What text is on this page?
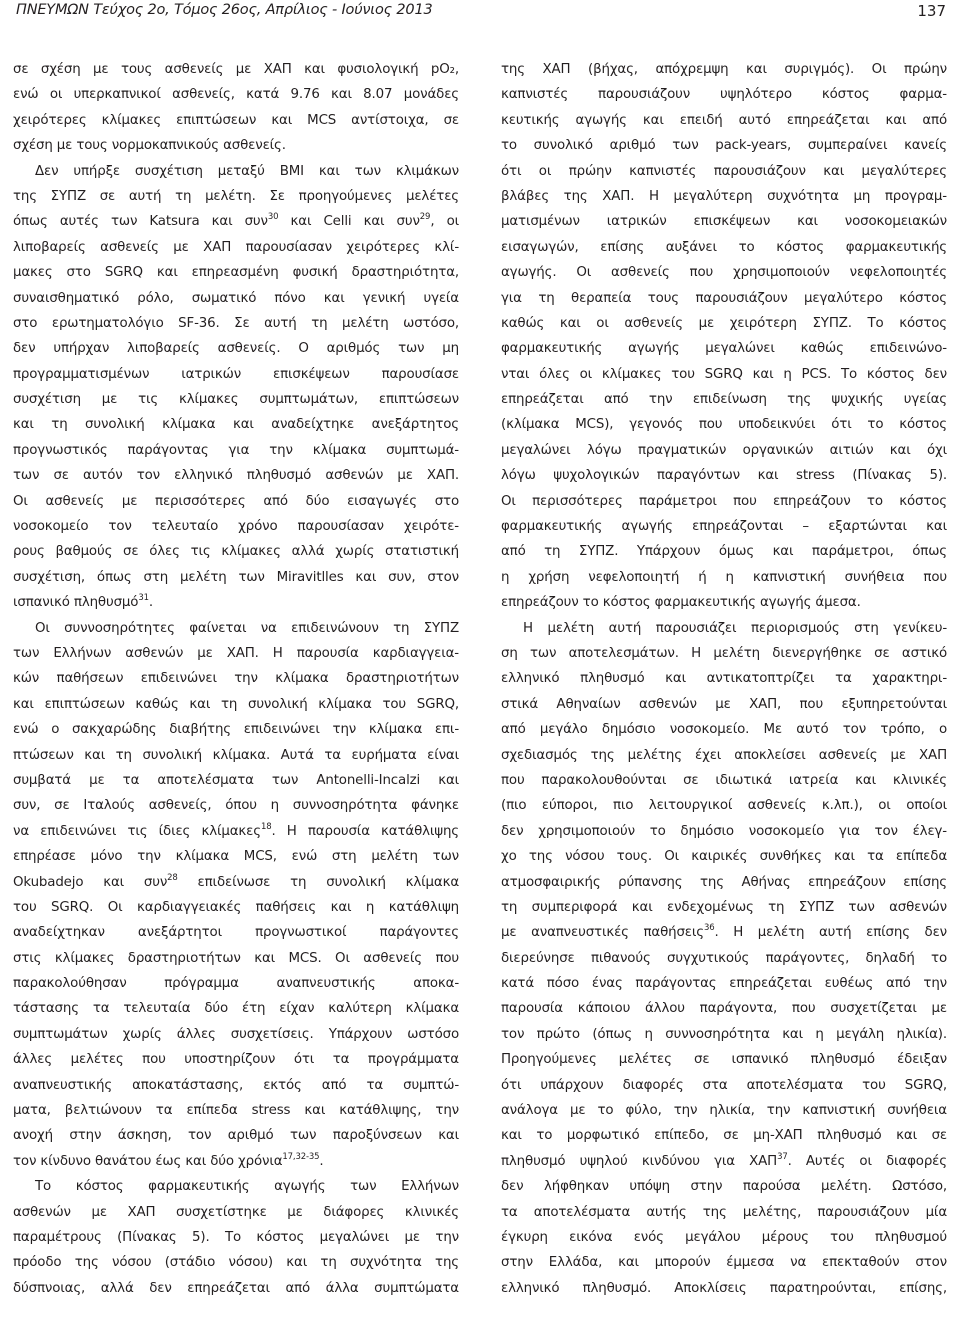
ΠΝΕΥΜΩΝ Τεύχος 2ο, Τόμος 26ος, Απρίλιος - Ιούνιος 2013	137
σε σχέση με τους ασθενείς με ΧΑΠ και φυσιολογική pO₂,
ενώ οι υπερκαπνικοί ασθενείς, κατά 9.76 και 8.07 μονάδες
χειρότερες κλίμακες επιπτώσεων και MCS αντίστοιχα, σε
σχέση με τους νορμοκαπνικούς ασθενείς.
Δεν υπήρξε συσχέτιση μεταξύ BMI και των κλιμάκων
της ΣΥΠΖ σε αυτή τη μελέτη. Σε προηγούμενες μελέτες
όπως αυτές των Katsura και συν$^{30}$ και Celli και συν$^{29}$, οι
λιποβαρείς ασθενείς με ΧΑΠ παρουσίασαν χειρότερες κλί-
μακες στο SGRQ και επηρεασμένη φυσική δραστηριότητα,
συναισθηματικό ρόλο, σωματικό πόνο και γενική υγεία
στο ερωτηματολόγιο SF-36. Σε αυτή τη μελέτη ωστόσο,
δεν υπήρχαν λιποβαρείς ασθενείς. Ο αριθμός των μη
προγραμματισμένων ιατρικών επισκέψεων παρουσίασε
συσχέτιση με τις κλίμακες συμπτωμάτων, επιπτώσεων
και τη συνολική κλίμακα και αναδείχτηκε ανεξάρτητος
προγνωστικός παράγοντας για την κλίμακα συμπτωμά-
των σε αυτόν τον ελληνικό πληθυσμό ασθενών με ΧΑΠ.
Οι ασθενείς με περισσότερες από δύο εισαγωγές στο
νοσοκομείο τον τελευταίο χρόνο παρουσίασαν χειρότε-
ρους βαθμούς σε όλες τις κλίμακες αλλά χωρίς στατιστική
συσχέτιση, όπως στη μελέτη των Miravitlles και συν, στον
ισπανικό πληθυσμό$^{31}$.
Οι συννοσηρότητες φαίνεται να επιδεινώνουν τη ΣΥΠΖ
των Ελλήνων ασθενών με ΧΑΠ. Η παρουσία καρδιαγγεια-
κών παθήσεων επιδεινώνει την κλίμακα δραστηριοτήτων
και επιπτώσεων καθώς και τη συνολική κλίμακα του SGRQ,
ενώ ο σακχαρώδης διαβήτης επιδεινώνει την κλίμακα επι-
πτώσεων και τη συνολική κλίμακα. Αυτά τα ευρήματα είναι
συμβατά με τα αποτελέσματα των Antonelli-Incalzi και
συν, σε Ιταλούς ασθενείς, όπου η συννοσηρότητα φάνηκε
να επιδεινώνει τις ίδιες κλίμακες$^{18}$. Η παρουσία κατάθλιψης
επηρέασε μόνο την κλίμακα MCS, ενώ στη μελέτη των
Okubadejo και συν$^{28}$ επιδείνωσε τη συνολική κλίμακα
του SGRQ. Οι καρδιαγγειακές παθήσεις και η κατάθλιψη
αναδείχτηκαν ανεξάρτητοι προγνωστικοί παράγοντες
στις κλίμακες δραστηριοτήτων και MCS. Οι ασθενείς που
παρακολούθησαν πρόγραμμα αναπνευστικής αποκα-
τάστασης τα τελευταία δύο έτη είχαν καλύτερη κλίμακα
συμπτωμάτων χωρίς άλλες συσχετίσεις. Υπάρχουν ωστόσο
άλλες μελέτες που υποστηρίζουν ότι τα προγράμματα
αναπνευστικής αποκατάστασης, εκτός από τα συμπτώ-
ματα, βελτιώνουν τα επίπεδα stress και κατάθλιψης, την
ανοχή στην άσκηση, τον αριθμό των παροξύνσεων και
τον κίνδυνο θανάτου έως και δύο χρόνια$^{17,32-35}$.
Το κόστος φαρμακευτικής αγωγής των Ελλήνων
ασθενών με ΧΑΠ συσχετίστηκε με διάφορες κλινικές
παραμέτρους (Πίνακας 5). Το κόστος μεγαλώνει με την
πρόοδο της νόσου (στάδιο νόσου) και τη συχνότητα της
δύσπνοιας, αλλά δεν επηρεάζεται από άλλα συμπτώματα
της ΧΑΠ (βήχας, απόχρεμψη και συριγμός). Οι πρώην
καπνιστές παρουσιάζουν υψηλότερο κόστος φαρμα-
κευτικής αγωγής και επειδή αυτό επηρεάζεται και από
το συνολικό αριθμό των pack-years, συμπεραίνει κανείς
ότι οι πρώην καπνιστές παρουσιάζουν και μεγαλύτερες
βλάβες της ΧΑΠ. Η μεγαλύτερη συχνότητα μη προγραμ-
ματισμένων ιατρικών επισκέψεων και νοσοκομειακών
εισαγωγών, επίσης αυξάνει το κόστος φαρμακευτικής
αγωγής. Οι ασθενείς που χρησιμοποιούν νεφελοποιητές
για τη θεραπεία τους παρουσιάζουν μεγαλύτερο κόστος
καθώς και οι ασθενείς με χειρότερη ΣΥΠΖ. Το κόστος
φαρμακευτικής αγωγής μεγαλώνει καθώς επιδεινώνο-
νται όλες οι κλίμακες του SGRQ και η PCS. Το κόστος δεν
επηρεάζεται από την επιδείνωση της ψυχικής υγείας
(κλίμακα MCS), γεγονός που υποδεικνύει ότι το κόστος
μεγαλώνει λόγω πραγματικών οργανικών αιτιών και όχι
λόγω ψυχολογικών παραγόντων και stress (Πίνακας 5).
Οι περισσότερες παράμετροι που επηρεάζουν το κόστος
φαρμακευτικής αγωγής επηρεάζονται – εξαρτώνται και
από τη ΣΥΠΖ. Υπάρχουν όμως και παράμετροι, όπως
η χρήση νεφελοποιητή ή η καπνιστική συνήθεια που
επηρεάζουν το κόστος φαρμακευτικής αγωγής άμεσα.
Η μελέτη αυτή παρουσιάζει περιορισμούς στη γενίκευ-
ση των αποτελεσμάτων. Η μελέτη διενεργήθηκε σε αστικό
ελληνικό πληθυσμό και αντικατοπτρίζει τα χαρακτηρι-
στικά Αθηναίων ασθενών με ΧΑΠ, που εξυπηρετούνται
από μεγάλο δημόσιο νοσοκομείο. Με αυτό τον τρόπο, ο
σχεδιασμός της μελέτης έχει αποκλείσει ασθενείς με ΧΑΠ
που παρακολουθούνται σε ιδιωτικά ιατρεία και κλινικές
(πιο εύποροι, πιο λειτουργικοί ασθενείς κ.λπ.), οι οποίοι
δεν χρησιμοποιούν το δημόσιο νοσοκομείο για τον έλεγ-
χο της νόσου τους. Οι καιρικές συνθήκες και τα επίπεδα
ατμοσφαιρικής ρύπανσης της Αθήνας επηρεάζουν επίσης
τη συμπεριφορά και ενδεχομένως τη ΣΥΠΖ των ασθενών
με αναπνευστικές παθήσεις$^{36}$. Η μελέτη αυτή επίσης δεν
διερεύνησε πιθανούς συγχυτικούς παράγοντες, δηλαδή το
κατά πόσο ένας παράγοντας επηρεάζεται ευθέως από την
παρουσία κάποιου άλλου παράγοντα, που συσχετίζεται με
τον πρώτο (όπως η συννοσηρότητα και η μεγάλη ηλικία).
Προηγούμενες μελέτες σε ισπανικό πληθυσμό έδειξαν
ότι υπάρχουν διαφορές στα αποτελέσματα του SGRQ,
ανάλογα με το φύλο, την ηλικία, την καπνιστική συνήθεια
και το μορφωτικό επίπεδο, σε μη-ΧΑΠ πληθυσμό και σε
πληθυσμό υψηλού κινδύνου για ΧΑΠ$^{37}$. Αυτές οι διαφορές
δεν λήφθηκαν υπόψη στην παρούσα μελέτη. Ωστόσο,
τα αποτελέσματα αυτής της μελέτης, παρουσιάζουν μία
έγκυρη εικόνα ενός μεγάλου μέρους του πληθυσμού
στην Ελλάδα, και μπορούν έμμεσα να επεκταθούν στον
ελληνικό πληθυσμό. Αποκλίσεις παρατηρούνται, επίσης,
